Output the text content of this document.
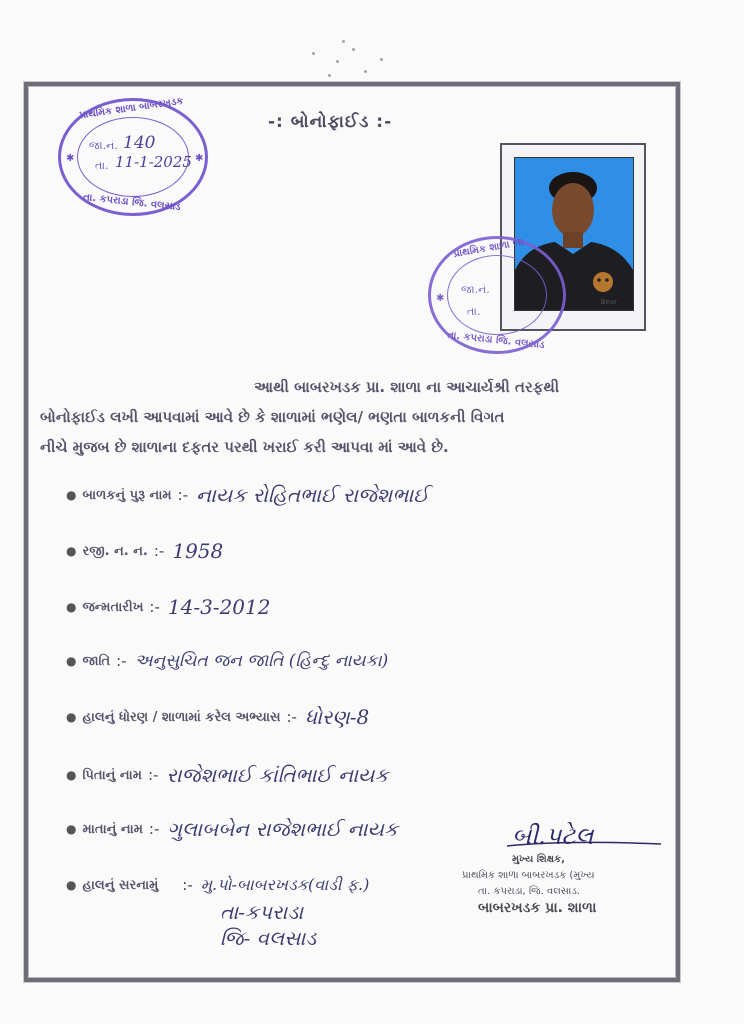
-: બોનોફાઈડ :-
પ્રાથમિક શાળા બાબરખડક
તા. કપરાડા જિ. વલસાડ
✱	✱
જા.નં. 140
તા. 11-1-2025
Bear
પ્રાથમિક શાળા બા
તા. કપરાડા જિ. વલસાડ
✱
જા.નં.
તા.
આથી બાબરખડક પ્રા. શાળા ના આચાર્યશ્રી તરફથી
બોનોફાઈડ લખી આપવામાં આવે છે કે શાળામાં ભણેલ/ ભણતા બાળકની વિગત
નીચે મુજબ છે શાળાના દફતર પરથી ખરાઈ કરી આપવા માં આવે છે.
● બાળકનું પુરૂ નામ :- નાયક રોહિતભાઈ રાજેશભાઈ
● રજી. ન. ન. :- 1958
● જન્મતારીખ :- 14-3-2012
● જાતિ :- અનુસુચિત જન જાતિ (હિન્દુ નાયકા)
● હાલનું ધોરણ / શાળામાં કરેલ અભ્યાસ :- ધોરણ-8
● પિતાનું નામ :- રાજેશભાઈ કાંતિભાઈ નાયક
● માતાનું નામ :- ગુલાબબેન રાજેશભાઈ નાયક
● હાલનું સરનામું :- મુ.પો-બાબરખડક(વાડી ફ.)
તા-કપરાડા
જિ- વલસાડ
બી.પટેલ
મુખ્ય શિક્ષક,
પ્રાથમિક શાળા બાબરખડક (મુખ્ય
તા. કપરાડા, જિ. વલસાડ.
બાબરખડક પ્રા. શાળા
